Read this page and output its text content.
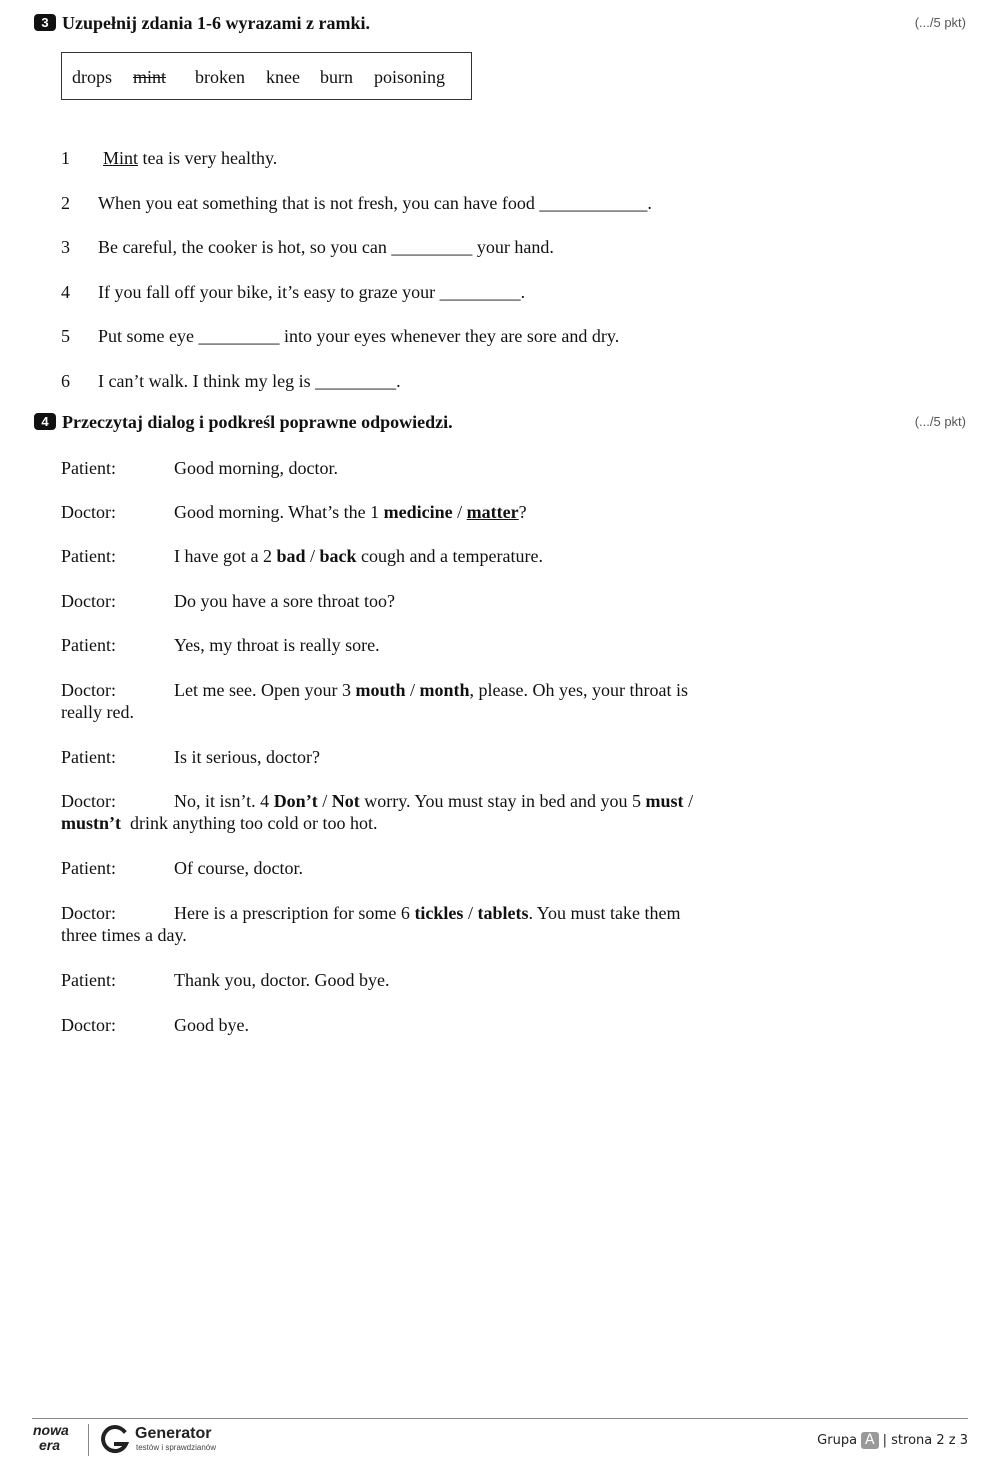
3 Uzupełnij zdania 1-6 wyrazami z ramki.	(.../5 pkt)
drops mint broken knee burn poisoning
1 Mint tea is very healthy.
2 When you eat something that is not fresh, you can have food ____________.
3 Be careful, the cooker is hot, so you can _________ your hand.
4 If you fall off your bike, it’s easy to graze your _________.
5 Put some eye _________ into your eyes whenever they are sore and dry.
6 I can’t walk. I think my leg is _________.
4 Przeczytaj dialog i podkreśl poprawne odpowiedzi.	(.../5 pkt)
Patient:	Good morning, doctor.
Doctor:	Good morning. What’s the 1 medicine / matter?
Patient:	I have got a 2 bad / back cough and a temperature.
Doctor:	Do you have a sore throat too?
Patient:	Yes, my throat is really sore.
Doctor:	Let me see. Open your 3 mouth / month, please. Oh yes, your throat is
really red.
Patient:	Is it serious, doctor?
Doctor:	No, it isn’t. 4 Don’t / Not worry. You must stay in bed and you 5 must /
mustn’t  drink anything too cold or too hot.
Patient:	Of course, doctor.
Doctor:	Here is a prescription for some 6 tickles / tablets. You must take them
three times a day.
Patient:	Thank you, doctor. Good bye.
Doctor:	Good bye.
nowa
era
Generator
testów i sprawdzianów	Grupa A | strona 2 z 3
